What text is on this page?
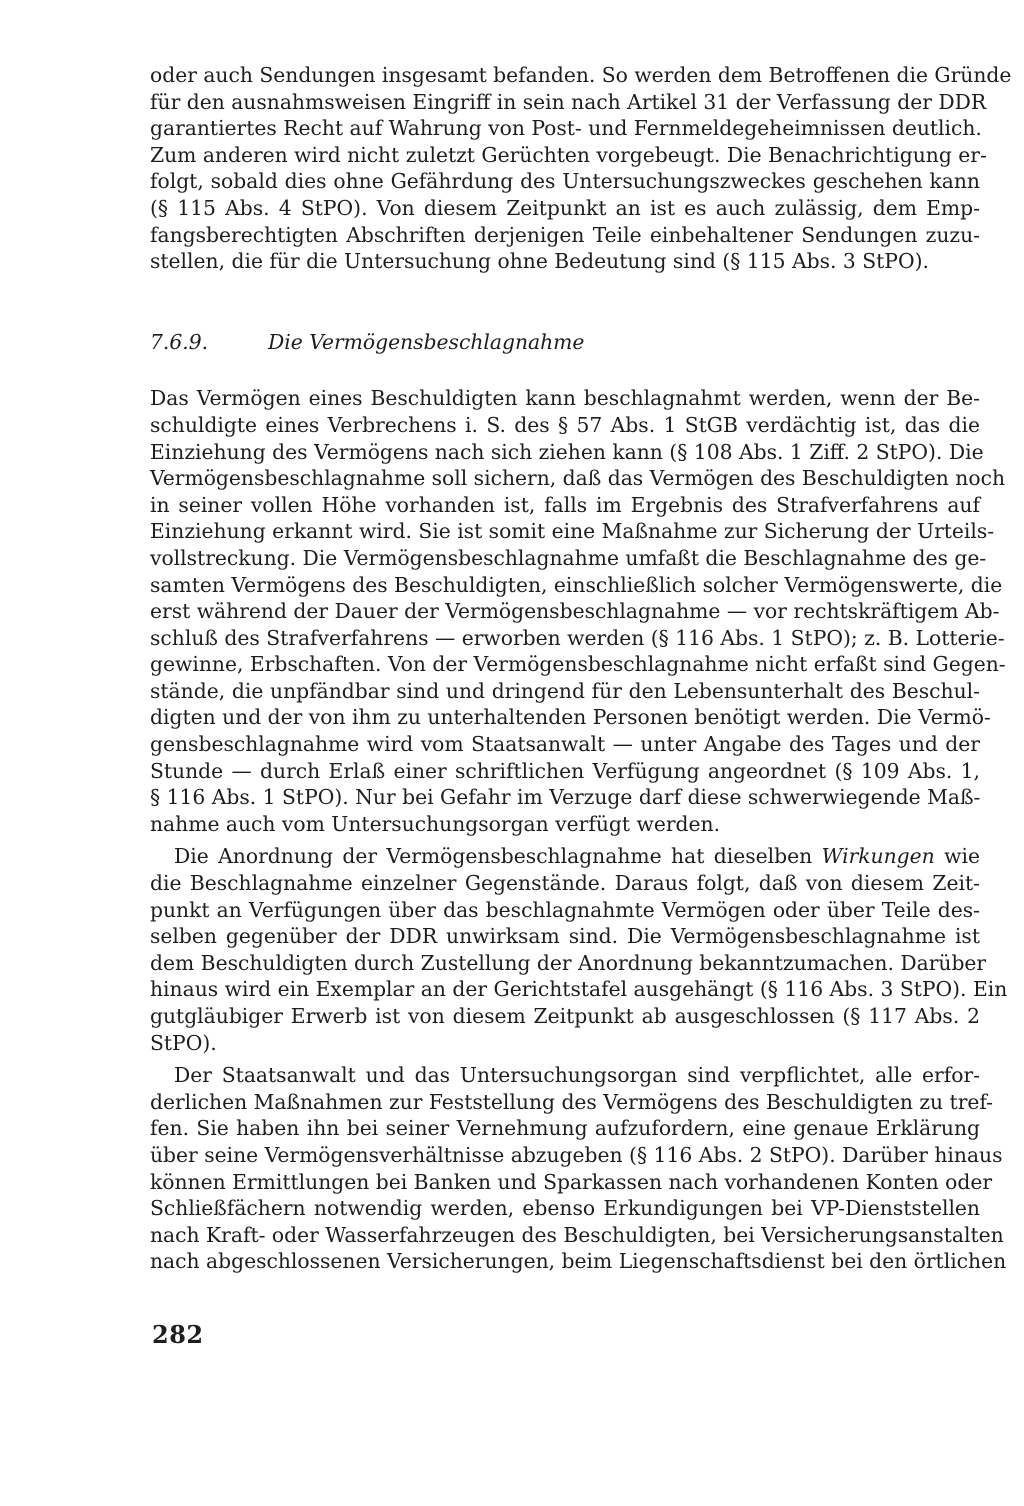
oder auch Sendungen insgesamt befanden. So werden dem Betroffenen die Gründe
für den ausnahmsweisen Eingriff in sein nach Artikel 31 der Verfassung der DDR
garantiertes Recht auf Wahrung von Post- und Fernmeldegeheimnissen deutlich.
Zum anderen wird nicht zuletzt Gerüchten vorgebeugt. Die Benachrichtigung er-
folgt, sobald dies ohne Gefährdung des Untersuchungszweckes geschehen kann
(§ 115 Abs. 4 StPO). Von diesem Zeitpunkt an ist es auch zulässig, dem Emp-
fangsberechtigten Abschriften derjenigen Teile einbehaltener Sendungen zuzu-
stellen, die für die Untersuchung ohne Bedeutung sind (§ 115 Abs. 3 StPO).

7.6.9.	Die Vermögensbeschlagnahme

Das Vermögen eines Beschuldigten kann beschlagnahmt werden, wenn der Be-
schuldigte eines Verbrechens i. S. des § 57 Abs. 1 StGB verdächtig ist, das die
Einziehung des Vermögens nach sich ziehen kann (§ 108 Abs. 1 Ziff. 2 StPO). Die
Vermögensbeschlagnahme soll sichern, daß das Vermögen des Beschuldigten noch
in seiner vollen Höhe vorhanden ist, falls im Ergebnis des Strafverfahrens auf
Einziehung erkannt wird. Sie ist somit eine Maßnahme zur Sicherung der Urteils-
vollstreckung. Die Vermögensbeschlagnahme umfaßt die Beschlagnahme des ge-
samten Vermögens des Beschuldigten, einschließlich solcher Vermögenswerte, die
erst während der Dauer der Vermögensbeschlagnahme — vor rechtskräftigem Ab-
schluß des Strafverfahrens — erworben werden (§ 116 Abs. 1 StPO); z. B. Lotterie-
gewinne, Erbschaften. Von der Vermögensbeschlagnahme nicht erfaßt sind Gegen-
stände, die unpfändbar sind und dringend für den Lebensunterhalt des Beschul-
digten und der von ihm zu unterhaltenden Personen benötigt werden. Die Vermö-
gensbeschlagnahme wird vom Staatsanwalt — unter Angabe des Tages und der
Stunde — durch Erlaß einer schriftlichen Verfügung angeordnet (§ 109 Abs. 1,
§ 116 Abs. 1 StPO). Nur bei Gefahr im Verzuge darf diese schwerwiegende Maß-
nahme auch vom Untersuchungsorgan verfügt werden.

Die Anordnung der Vermögensbeschlagnahme hat dieselben Wirkungen wie
die Beschlagnahme einzelner Gegenstände. Daraus folgt, daß von diesem Zeit-
punkt an Verfügungen über das beschlagnahmte Vermögen oder über Teile des-
selben gegenüber der DDR unwirksam sind. Die Vermögensbeschlagnahme ist
dem Beschuldigten durch Zustellung der Anordnung bekanntzumachen. Darüber
hinaus wird ein Exemplar an der Gerichtstafel ausgehängt (§ 116 Abs. 3 StPO). Ein
gutgläubiger Erwerb ist von diesem Zeitpunkt ab ausgeschlossen (§ 117 Abs. 2
StPO).

Der Staatsanwalt und das Untersuchungsorgan sind verpflichtet, alle erfor-
derlichen Maßnahmen zur Feststellung des Vermögens des Beschuldigten zu tref-
fen. Sie haben ihn bei seiner Vernehmung aufzufordern, eine genaue Erklärung
über seine Vermögensverhältnisse abzugeben (§ 116 Abs. 2 StPO). Darüber hinaus
können Ermittlungen bei Banken und Sparkassen nach vorhandenen Konten oder
Schließfächern notwendig werden, ebenso Erkundigungen bei VP-Dienststellen
nach Kraft- oder Wasserfahrzeugen des Beschuldigten, bei Versicherungsanstalten
nach abgeschlossenen Versicherungen, beim Liegenschaftsdienst bei den örtlichen

282
